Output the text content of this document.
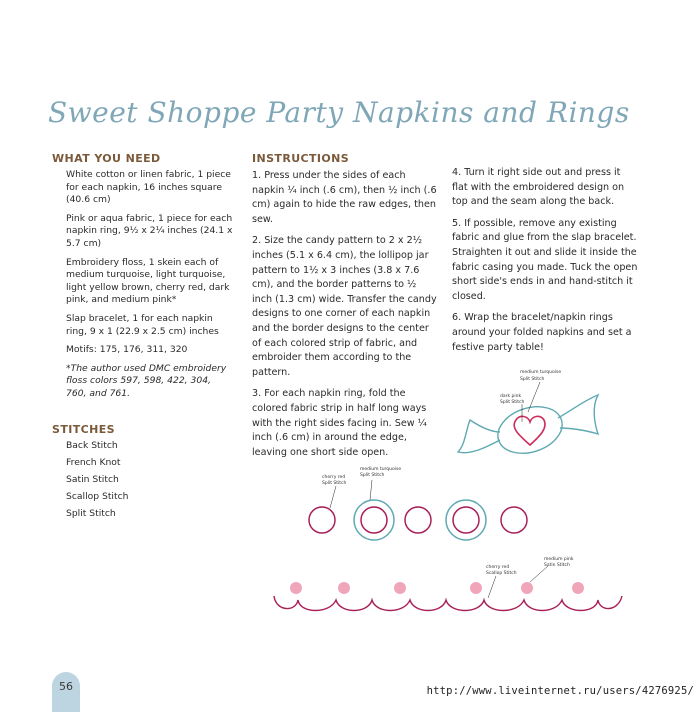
Sweet Shoppe Party Napkins and Rings
WHAT YOU NEED
White cotton or linen fabric, 1 piece for each napkin, 16 inches square (40.6 cm)
Pink or aqua fabric, 1 piece for each napkin ring, 9½ x 2¼ inches (24.1 x 5.7 cm)
Embroidery floss, 1 skein each of medium turquoise, light turquoise, light yellow brown, cherry red, dark pink, and medium pink*
Slap bracelet, 1 for each napkin ring, 9 x 1 (22.9 x 2.5 cm) inches
Motifs: 175, 176, 311, 320
*The author used DMC embroidery floss colors 597, 598, 422, 304, 760, and 761.
STITCHES
Back Stitch
French Knot
Satin Stitch
Scallop Stitch
Split Stitch
INSTRUCTIONS

1. Press under the sides of each napkin ¼ inch (.6 cm), then ½ inch (.6 cm) again to hide the raw edges, then sew.

2. Size the candy pattern to 2 x 2½ inches (5.1 x 6.4 cm), the lollipop jar pattern to 1½ x 3 inches (3.8 x 7.6 cm), and the border patterns to ½ inch (1.3 cm) wide. Transfer the candy designs to one corner of each napkin and the border designs to the center of each colored strip of fabric, and embroider them according to the pattern.

3. For each napkin ring, fold the colored fabric strip in half long ways with the right sides facing in. Sew ¼ inch (.6 cm) in around the edge, leaving one short side open.

4. Turn it right side out and press it flat with the embroidered design on top and the seam along the back.

5. If possible, remove any existing fabric and glue from the slap bracelet. Straighten it out and slide it inside the fabric casing you made. Tuck the open short side's ends in and hand-stitch it closed.

6. Wrap the bracelet/napkin rings around your folded napkins and set a festive party table!

medium turquoise
Split Stitch
dark pink
Split Stitch
cherry red
Split Stitch
medium turquoise
Split Stitch
cherry red
Scallop Stitch
medium pink
Satin Stitch
56	http://www.liveinternet.ru/users/4276925/
